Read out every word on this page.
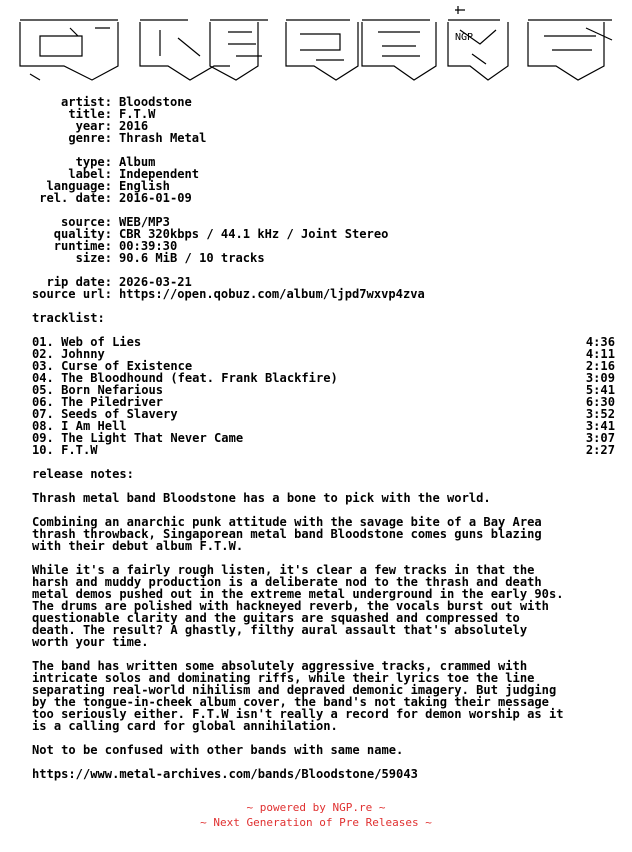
NGP
artist: Bloodstone
title: F.T.W
year: 2016
genre: Thrash Metal
type: Album
label: Independent
language: English
rel. date: 2016-01-09
source: WEB/MP3
quality: CBR 320kbps / 44.1 kHz / Joint Stereo
runtime: 00:39:30
size: 90.6 MiB / 10 tracks
rip date: 2026-03-21
source url: https://open.qobuz.com/album/ljpd7wxvp4zva
tracklist:
01. Web of Lies	4:36
02. Johnny	4:11
03. Curse of Existence	2:16
04. The Bloodhound (feat. Frank Blackfire)	3:09
05. Born Nefarious	5:41
06. The Piledriver	6:30
07. Seeds of Slavery	3:52
08. I Am Hell	3:41
09. The Light That Never Came	3:07
10. F.T.W	2:27
release notes:
Thrash metal band Bloodstone has a bone to pick with the world.
Combining an anarchic punk attitude with the savage bite of a Bay Area
thrash throwback, Singaporean metal band Bloodstone comes guns blazing
with their debut album F.T.W.
While it's a fairly rough listen, it's clear a few tracks in that the
harsh and muddy production is a deliberate nod to the thrash and death
metal demos pushed out in the extreme metal underground in the early 90s.
The drums are polished with hackneyed reverb, the vocals burst out with
questionable clarity and the guitars are squashed and compressed to
death. The result? A ghastly, filthy aural assault that's absolutely
worth your time.
The band has written some absolutely aggressive tracks, crammed with
intricate solos and dominating riffs, while their lyrics toe the line
separating real-world nihilism and depraved demonic imagery. But judging
by the tongue-in-cheek album cover, the band's not taking their message
too seriously either. F.T.W isn't really a record for demon worship as it
is a calling card for global annihilation.
Not to be confused with other bands with same name.
https://www.metal-archives.com/bands/Bloodstone/59043
~ powered by NGP.re ~
~ Next Generation of Pre Releases ~
